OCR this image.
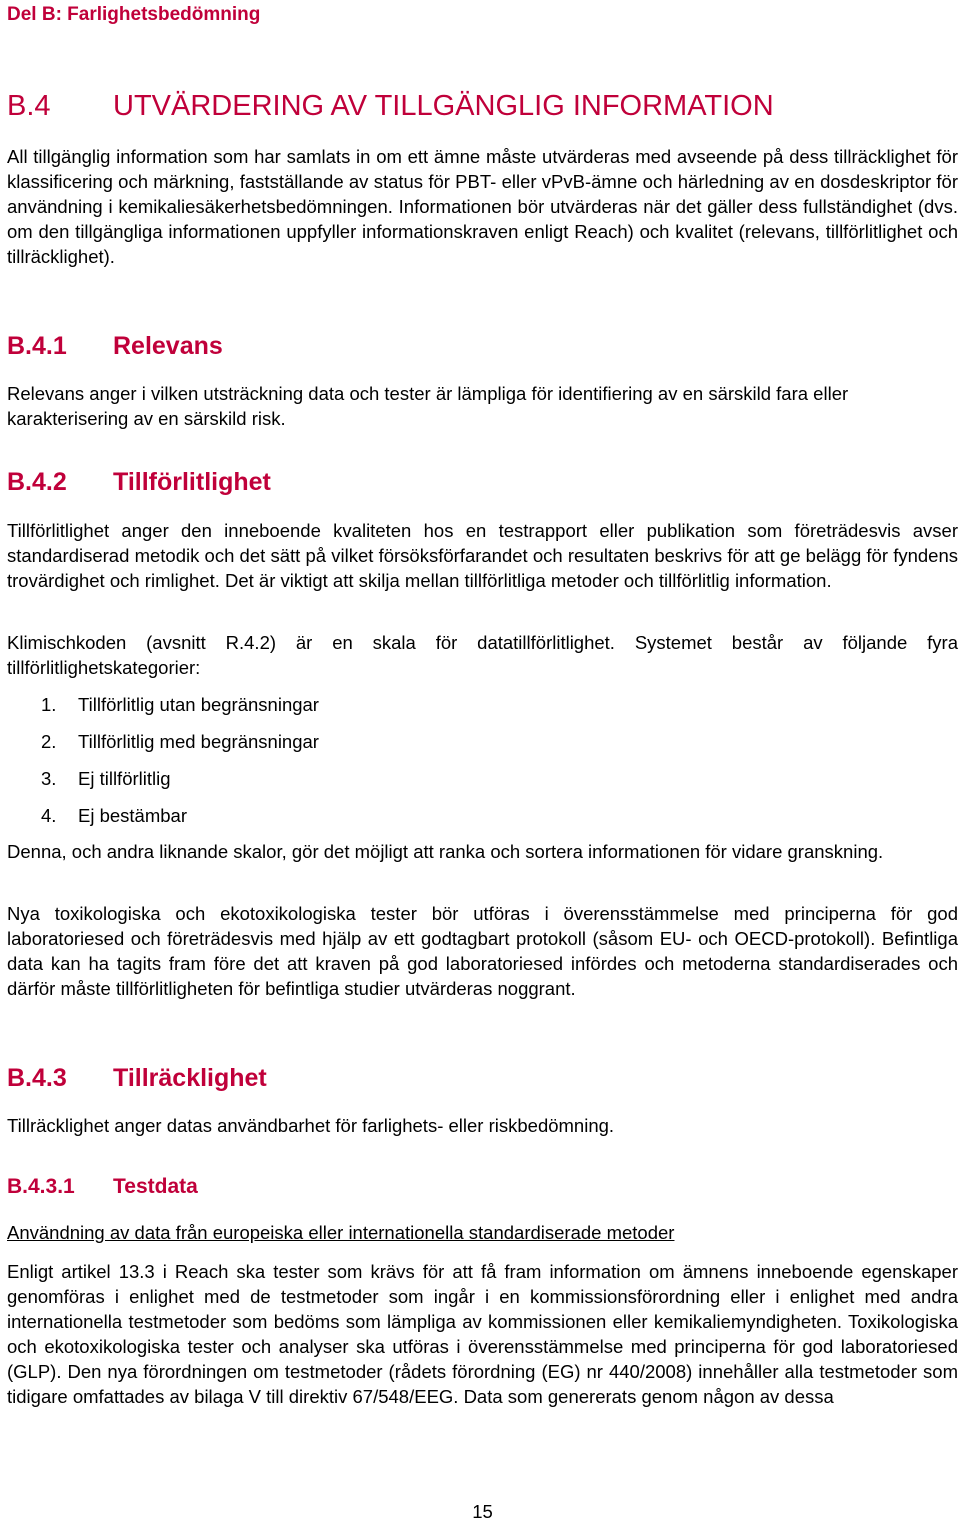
Del B: Farlighetsbedömning
B.4 UTVÄRDERING AV TILLGÄNGLIG INFORMATION

All tillgänglig information som har samlats in om ett ämne måste utvärderas med avseende på dess tillräcklighet för klassificering och märkning, fastställande av status för PBT- eller vPvB-ämne och härledning av en dosdeskriptor för användning i kemikaliesäkerhetsbedömningen. Informationen bör utvärderas när det gäller dess fullständighet (dvs. om den tillgängliga informationen uppfyller informationskraven enligt Reach) och kvalitet (relevans, tillförlitlighet och tillräcklighet).

B.4.1 Relevans

Relevans anger i vilken utsträckning data och tester är lämpliga för identifiering av en särskild fara eller karakterisering av en särskild risk.

B.4.2 Tillförlitlighet

Tillförlitlighet anger den inneboende kvaliteten hos en testrapport eller publikation som företrädesvis avser standardiserad metodik och det sätt på vilket försöksförfarandet och resultaten beskrivs för att ge belägg för fyndens trovärdighet och rimlighet. Det är viktigt att skilja mellan tillförlitliga metoder och tillförlitlig information.

Klimischkoden (avsnitt R.4.2) är en skala för datatillförlitlighet. Systemet består av följande fyra tillförlitlighetskategorier:

1. Tillförlitlig utan begränsningar
2. Tillförlitlig med begränsningar
3. Ej tillförlitlig
4. Ej bestämbar

Denna, och andra liknande skalor, gör det möjligt att ranka och sortera informationen för vidare granskning.

Nya toxikologiska och ekotoxikologiska tester bör utföras i överensstämmelse med principerna för god laboratoriesed och företrädesvis med hjälp av ett godtagbart protokoll (såsom EU- och OECD-protokoll). Befintliga data kan ha tagits fram före det att kraven på god laboratoriesed infördes och metoderna standardiserades och därför måste tillförlitligheten för befintliga studier utvärderas noggrant.

B.4.3 Tillräcklighet

Tillräcklighet anger datas användbarhet för farlighets- eller riskbedömning.

B.4.3.1 Testdata
Användning av data från europeiska eller internationella standardiserade metoder

Enligt artikel 13.3 i Reach ska tester som krävs för att få fram information om ämnens inneboende egenskaper genomföras i enlighet med de testmetoder som ingår i en kommissionsförordning eller i enlighet med andra internationella testmetoder som bedöms som lämpliga av kommissionen eller kemikaliemyndigheten. Toxikologiska och ekotoxikologiska tester och analyser ska utföras i överensstämmelse med principerna för god laboratoriesed (GLP). Den nya förordningen om testmetoder (rådets förordning (EG) nr 440/2008) innehåller alla testmetoder som tidigare omfattades av bilaga V till direktiv 67/548/EEG. Data som genererats genom någon av dessa

15
